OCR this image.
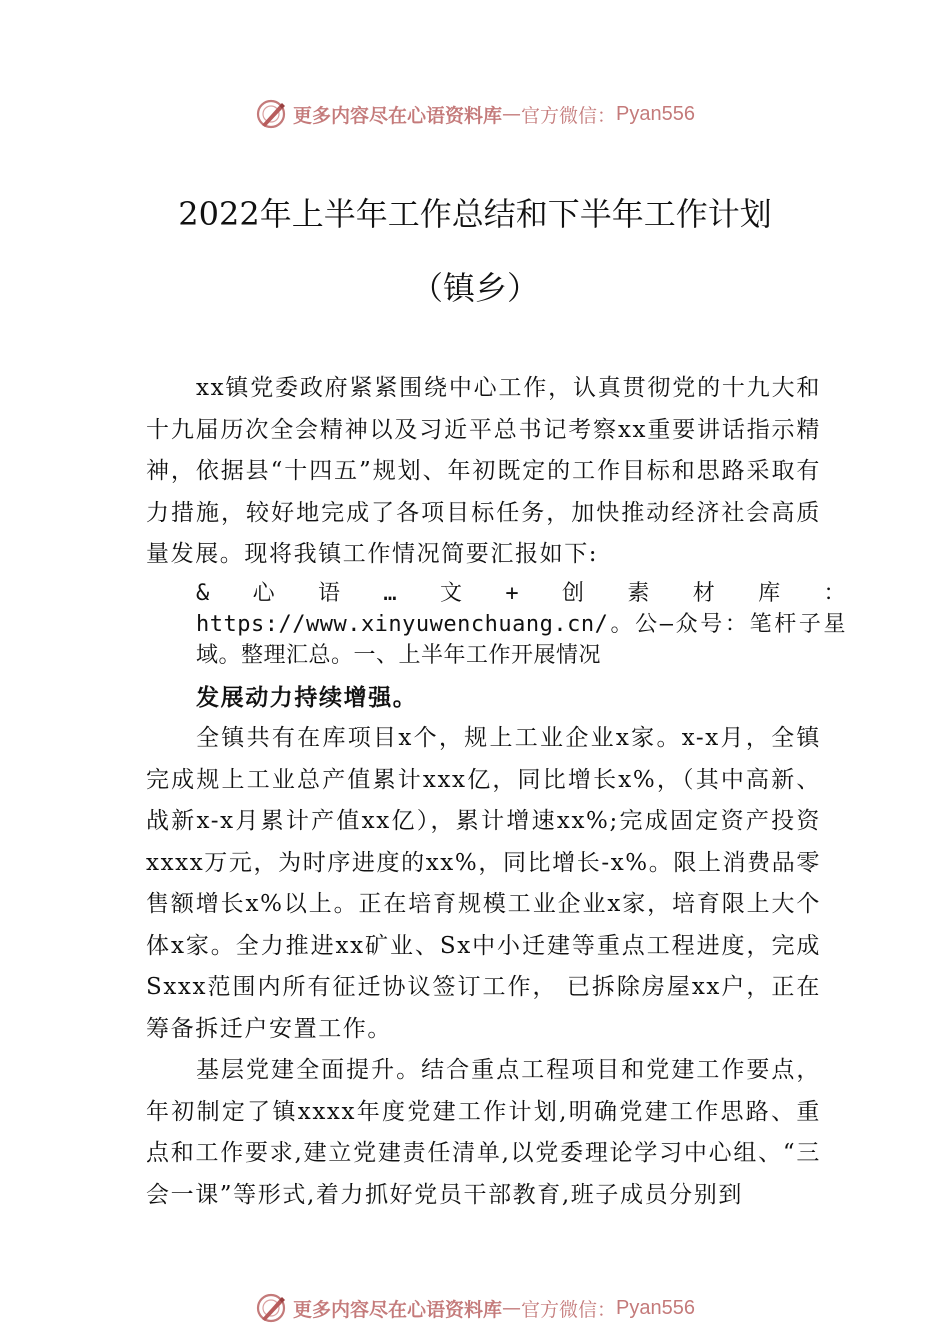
更多内容尽在心语资料库 — 官方微信： Pyan556
2022年上半年工作总结和下半年工作计划
（镇乡）

xx镇党委政府紧紧围绕中心工作，认真贯彻党的十九大和十九届历次全会精神以及习近平总书记考察xx重要讲话指示精神，依据县“十四五”规划、年初既定的工作目标和思路采取有力措施，较好地完成了各项目标任务，加快推动经济社会高质量发展。现将我镇工作情况简要汇报如下:

&心语…文+创素材库：https://www.xinyuwenchuang.cn/。公—众号：笔杆子星域。整理汇总。一、上半年工作开展情况

发展动力持续增强。

全镇共有在库项目x个，规上工业企业x家。x-x月，全镇完成规上工业总产值累计xxx亿，同比增长x%，（其中高新、战新x-x月累计产值xx亿），累计增速xx%;完成固定资产投资xxxx万元，为时序进度的xx%，同比增长-x%。限上消费品零售额增长x%以上。正在培育规模工业企业x家，培育限上大个体x家。全力推进xx矿业、Sx中小迁建等重点工程进度，完成Sxxx范围内所有征迁协议签订工作， 已拆除房屋xx户，正在筹备拆迁户安置工作。

基层党建全面提升。结合重点工程项目和党建工作要点，年初制定了镇xxxx年度党建工作计划,明确党建工作思路、重点和工作要求,建立党建责任清单,以党委理论学习中心组、“三会一课”等形式,着力抓好党员干部教育,班子成员分别到

更多内容尽在心语资料库 — 官方微信： Pyan556
